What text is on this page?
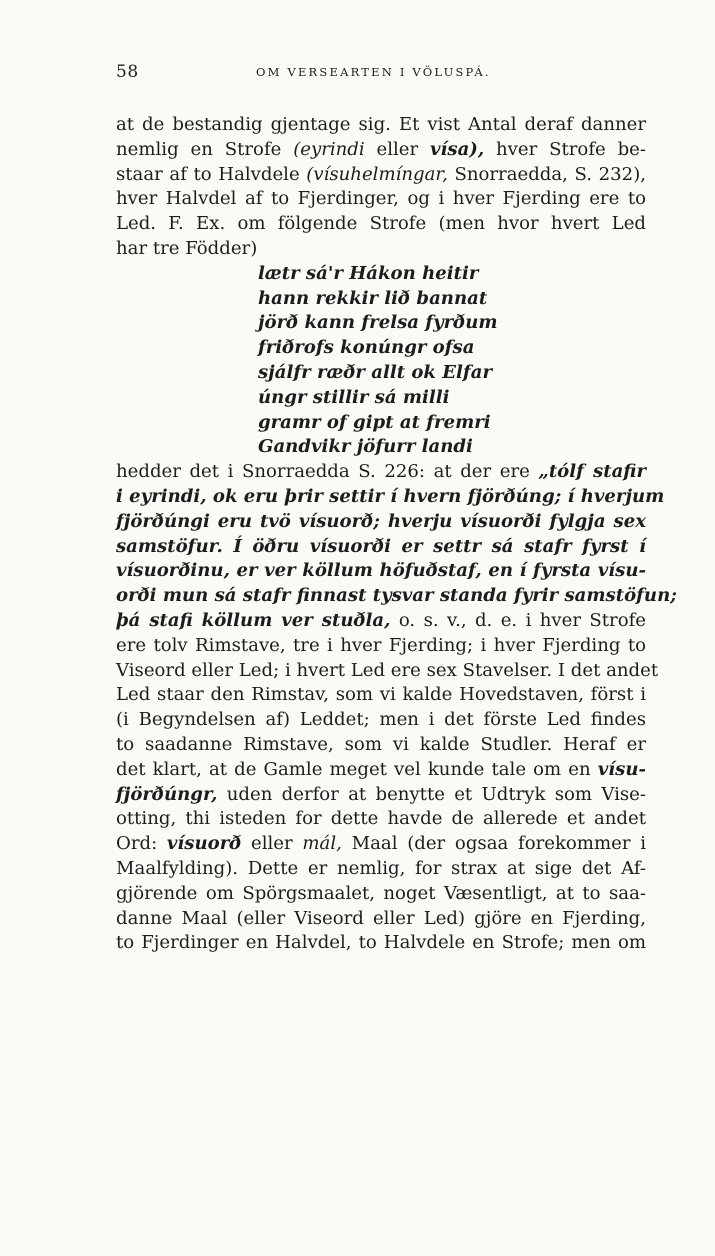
58	OM VERSEARTEN I VÖLUSPÁ.
at de bestandig gjentage sig. Et vist Antal deraf danner
nemlig en Strofe (eyrindi eller vísa), hver Strofe be-
staar af to Halvdele (vísuhelmíngar, Snorraedda, S. 232),
hver Halvdel af to Fjerdinger, og i hver Fjerding ere to
Led. F. Ex. om fölgende Strofe (men hvor hvert Led
har tre Födder)
lætr sá'r Hákon heitir
hann rekkir lið bannat
jörð kann frelsa fyrðum
friðrofs konúngr ofsa
sjálfr ræðr allt ok Elfar
úngr stillir sá milli
gramr of gipt at fremri
Gandvikr jöfurr landi
hedder det i Snorraedda S. 226: at der ere „tólf stafir
i eyrindi, ok eru þrir settir í hvern fjörðúng; í hverjum
fjörðúngi eru tvö vísuorð; hverju vísuorði fylgja sex
samstöfur. Í öðru vísuorði er settr sá stafr fyrst í
vísuorðinu, er ver köllum höfuðstaf, en í fyrsta vísu-
orði mun sá stafr finnast tysvar standa fyrir samstöfun;
þá stafi köllum ver stuðla, o. s. v., d. e. i hver Strofe
ere tolv Rimstave, tre i hver Fjerding; i hver Fjerding to
Viseord eller Led; i hvert Led ere sex Stavelser. I det andet
Led staar den Rimstav, som vi kalde Hovedstaven, först i
(i Begyndelsen af) Leddet; men i det förste Led findes
to saadanne Rimstave, som vi kalde Studler. Heraf er
det klart, at de Gamle meget vel kunde tale om en vísu-
fjörðúngr, uden derfor at benytte et Udtryk som Vise-
otting, thi isteden for dette havde de allerede et andet
Ord: vísuorð eller mál, Maal (der ogsaa forekommer i
Maalfylding). Dette er nemlig, for strax at sige det Af-
gjörende om Spörgsmaalet, noget Væsentligt, at to saa-
danne Maal (eller Viseord eller Led) gjöre en Fjerding,
to Fjerdinger en Halvdel, to Halvdele en Strofe; men om
